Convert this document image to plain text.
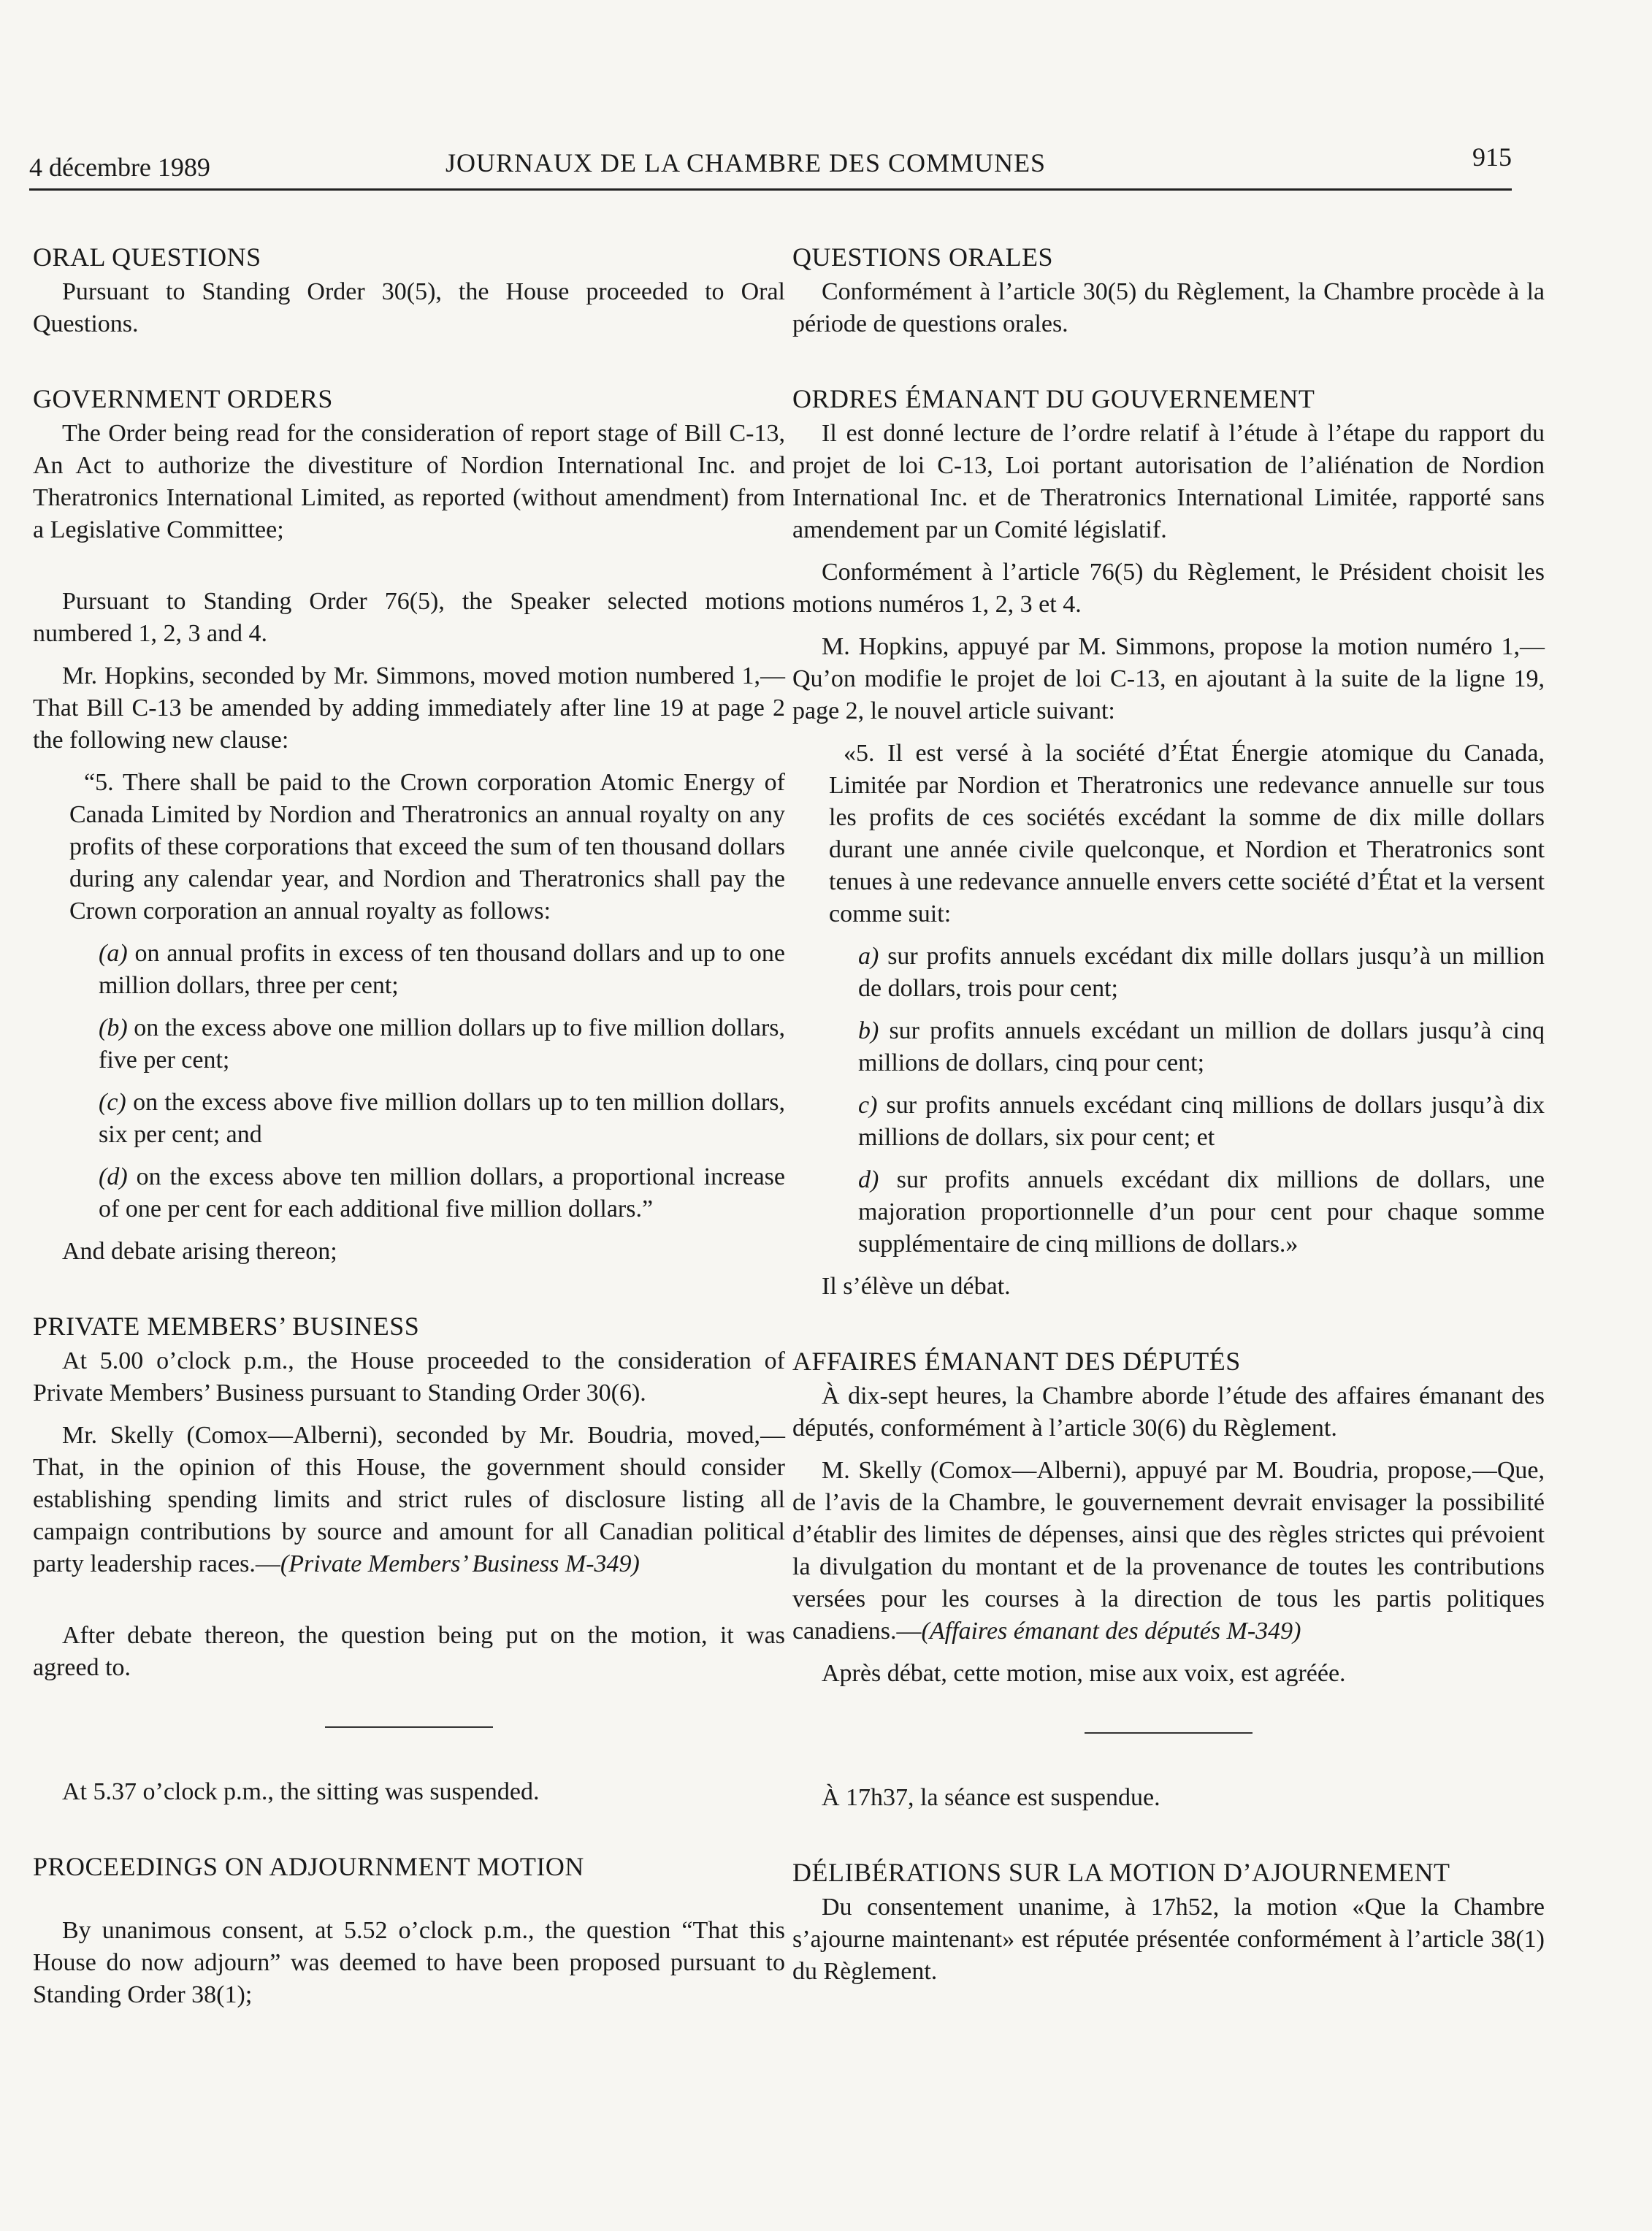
4 décembre 1989	JOURNAUX DE LA CHAMBRE DES COMMUNES	915
ORAL QUESTIONS

Pursuant to Standing Order 30(5), the House proceeded to Oral Questions.

GOVERNMENT ORDERS

The Order being read for the consideration of report stage of Bill C-13, An Act to authorize the divestiture of Nordion International Inc. and Theratronics International Limited, as reported (without amendment) from a Legislative Committee;

Pursuant to Standing Order 76(5), the Speaker selected motions numbered 1, 2, 3 and 4.

Mr. Hopkins, seconded by Mr. Simmons, moved motion numbered 1,—That Bill C-13 be amended by adding immediately after line 19 at page 2 the following new clause:

“5. There shall be paid to the Crown corporation Atomic Energy of Canada Limited by Nordion and Theratronics an annual royalty on any profits of these corporations that exceed the sum of ten thousand dollars during any calendar year, and Nordion and Theratronics shall pay the Crown corporation an annual royalty as follows:

(a) on annual profits in excess of ten thousand dollars and up to one million dollars, three per cent;

(b) on the excess above one million dollars up to five million dollars, five per cent;

(c) on the excess above five million dollars up to ten million dollars, six per cent; and

(d) on the excess above ten million dollars, a proportional increase of one per cent for each additional five million dollars.”

And debate arising thereon;

PRIVATE MEMBERS’ BUSINESS

At 5.00 o’clock p.m., the House proceeded to the consideration of Private Members’ Business pursuant to Standing Order 30(6).

Mr. Skelly (Comox—Alberni), seconded by Mr. Boudria, moved,—That, in the opinion of this House, the government should consider establishing spending limits and strict rules of disclosure listing all campaign contributions by source and amount for all Canadian political party leadership races.—(Private Members’ Business M-349)

After debate thereon, the question being put on the motion, it was agreed to.

At 5.37 o’clock p.m., the sitting was suspended.

PROCEEDINGS ON ADJOURNMENT MOTION

By unanimous consent, at 5.52 o’clock p.m., the question “That this House do now adjourn” was deemed to have been proposed pursuant to Standing Order 38(1);

QUESTIONS ORALES

Conformément à l’article 30(5) du Règlement, la Chambre procède à la période de questions orales.

ORDRES ÉMANANT DU GOUVERNEMENT

Il est donné lecture de l’ordre relatif à l’étude à l’étape du rapport du projet de loi C-13, Loi portant autorisation de l’aliénation de Nordion International Inc. et de Theratronics International Limitée, rapporté sans amendement par un Comité législatif.

Conformément à l’article 76(5) du Règlement, le Président choisit les motions numéros 1, 2, 3 et 4.

M. Hopkins, appuyé par M. Simmons, propose la motion numéro 1,—Qu’on modifie le projet de loi C-13, en ajoutant à la suite de la ligne 19, page 2, le nouvel article suivant:

«5. Il est versé à la société d’État Énergie atomique du Canada, Limitée par Nordion et Theratronics une redevance annuelle sur tous les profits de ces sociétés excédant la somme de dix mille dollars durant une année civile quelconque, et Nordion et Theratronics sont tenues à une redevance annuelle envers cette société d’État et la versent comme suit:

a) sur profits annuels excédant dix mille dollars jusqu’à un million de dollars, trois pour cent;

b) sur profits annuels excédant un million de dollars jusqu’à cinq millions de dollars, cinq pour cent;

c) sur profits annuels excédant cinq millions de dollars jusqu’à dix millions de dollars, six pour cent; et

d) sur profits annuels excédant dix millions de dollars, une majoration proportionnelle d’un pour cent pour chaque somme supplémentaire de cinq millions de dollars.»

Il s’élève un débat.

AFFAIRES ÉMANANT DES DÉPUTÉS

À dix-sept heures, la Chambre aborde l’étude des affaires émanant des députés, conformément à l’article 30(6) du Règlement.

M. Skelly (Comox—Alberni), appuyé par M. Boudria, propose,—Que, de l’avis de la Chambre, le gouvernement devrait envisager la possibilité d’établir des limites de dépenses, ainsi que des règles strictes qui prévoient la divulgation du montant et de la provenance de toutes les contributions versées pour les courses à la direction de tous les partis politiques canadiens.—(Affaires émanant des députés M-349)

Après débat, cette motion, mise aux voix, est agréée.

À 17h37, la séance est suspendue.

DÉLIBÉRATIONS SUR LA MOTION D’AJOURNEMENT

Du consentement unanime, à 17h52, la motion «Que la Chambre s’ajourne maintenant» est réputée présentée conformément à l’article 38(1) du Règlement.
